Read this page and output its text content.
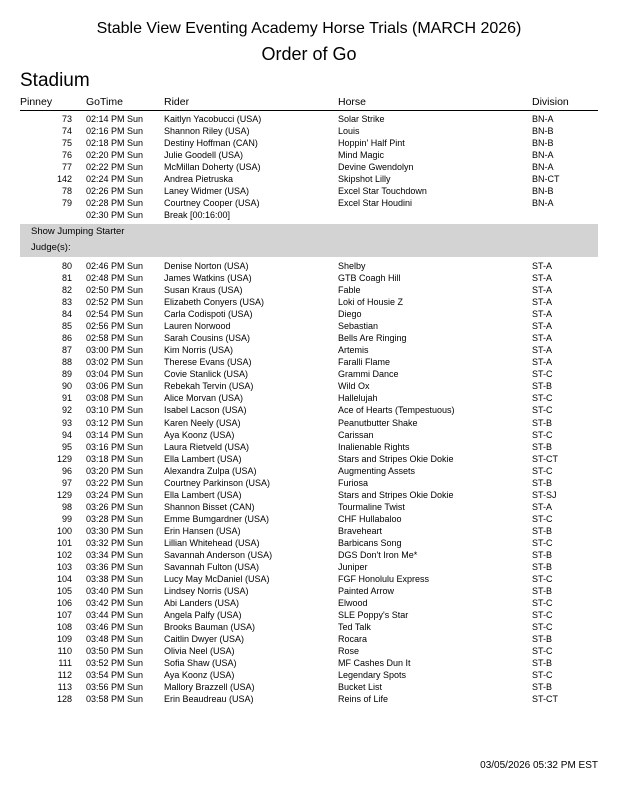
Stable View Eventing Academy Horse Trials (MARCH 2026)
Order of Go
Stadium
Pinney	GoTime	Rider	Horse	Division
73 02:14 PM Sun Kaitlyn Yacobucci (USA)	Solar Strike	BN-A
74 02:16 PM Sun Shannon Riley (USA)	Louis	BN-B
75 02:18 PM Sun Destiny Hoffman (CAN)	Hoppin' Half Pint	BN-B
76 02:20 PM Sun Julie Goodell (USA)	Mind Magic	BN-A
77 02:22 PM Sun McMillan Doherty (USA)	Devine Gwendolyn	BN-A
142 02:24 PM Sun Andrea Pietruska	Skipshot Lilly	BN-CT
78 02:26 PM Sun Laney Widmer (USA)	Excel Star Touchdown	BN-B
79 02:28 PM Sun Courtney Cooper (USA)	Excel Star Houdini	BN-A
02:30 PM Sun Break [00:16:00]
Show Jumping Starter
Judge(s):
80 02:46 PM Sun Denise Norton (USA)	Shelby	ST-A
81 02:48 PM Sun James Watkins (USA)	GTB Coagh Hill	ST-A
82 02:50 PM Sun Susan Kraus (USA)	Fable	ST-A
83 02:52 PM Sun Elizabeth Conyers (USA)	Loki of Housie Z	ST-A
84 02:54 PM Sun Carla Codispoti (USA)	Diego	ST-A
85 02:56 PM Sun Lauren Norwood	Sebastian	ST-A
86 02:58 PM Sun Sarah Cousins (USA)	Bells Are Ringing	ST-A
87 03:00 PM Sun Kim Norris (USA)	Artemis	ST-A
88 03:02 PM Sun Therese Evans (USA)	Faralli Flame	ST-A
89 03:04 PM Sun Covie Stanlick (USA)	Grammi Dance	ST-C
90 03:06 PM Sun Rebekah Tervin (USA)	Wild Ox	ST-B
91 03:08 PM Sun Alice Morvan (USA)	Hallelujah	ST-C
92 03:10 PM Sun Isabel Lacson (USA)	Ace of Hearts (Tempestuous)	ST-C
93 03:12 PM Sun Karen Neely (USA)	Peanutbutter Shake	ST-B
94 03:14 PM Sun Aya Koonz (USA)	Carissan	ST-C
95 03:16 PM Sun Laura Rietveld (USA)	Inalienable Rights	ST-B
129 03:18 PM Sun Ella Lambert (USA)	Stars and Stripes Okie Dokie	ST-CT
96 03:20 PM Sun Alexandra Zulpa (USA)	Augmenting Assets	ST-C
97 03:22 PM Sun Courtney Parkinson (USA)	Furiosa	ST-B
129 03:24 PM Sun Ella Lambert (USA)	Stars and Stripes Okie Dokie	ST-SJ
98 03:26 PM Sun Shannon Bisset (CAN)	Tourmaline Twist	ST-A
99 03:28 PM Sun Emme Bumgardner (USA)	CHF Hullabaloo	ST-C
100 03:30 PM Sun Erin Hansen (USA)	Braveheart	ST-B
101 03:32 PM Sun Lillian Whitehead (USA)	Barbicans Song	ST-C
102 03:34 PM Sun Savannah Anderson (USA)	DGS Don't Iron Me*	ST-B
103 03:36 PM Sun Savannah Fulton (USA)	Juniper	ST-B
104 03:38 PM Sun Lucy May McDaniel (USA)	FGF Honolulu Express	ST-C
105 03:40 PM Sun Lindsey Norris (USA)	Painted Arrow	ST-B
106 03:42 PM Sun Abi Landers (USA)	Elwood	ST-C
107 03:44 PM Sun Angela Palfy (USA)	SLE Poppy's Star	ST-C
108 03:46 PM Sun Brooks Bauman (USA)	Ted Talk	ST-C
109 03:48 PM Sun Caitlin Dwyer (USA)	Rocara	ST-B
110 03:50 PM Sun Olivia Neel (USA)	Rose	ST-C
111 03:52 PM Sun Sofia Shaw (USA)	MF Cashes Dun It	ST-B
112 03:54 PM Sun Aya Koonz (USA)	Legendary Spots	ST-C
113 03:56 PM Sun Mallory Brazzell (USA)	Bucket List	ST-B
128 03:58 PM Sun Erin Beaudreau (USA)	Reins of Life	ST-CT
03/05/2026 05:32 PM EST
